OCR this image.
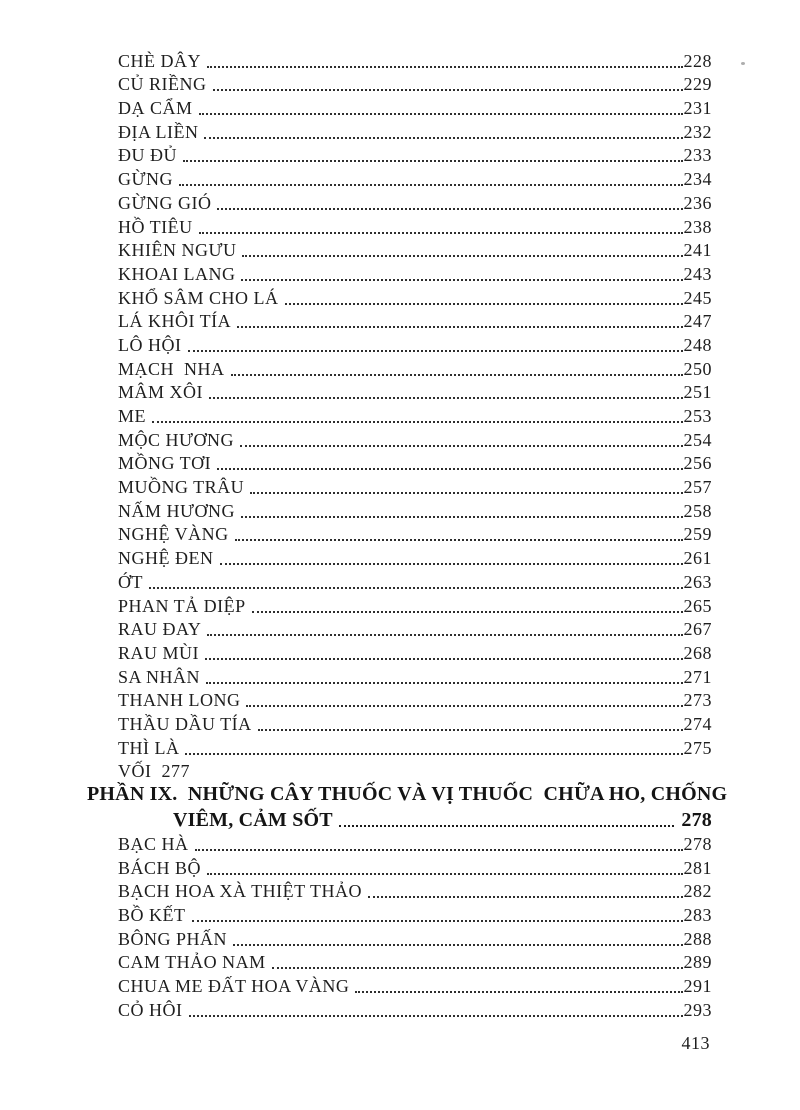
CHÈ DÂY	228
CỦ RIỀNG	229
DẠ CẨM	231
ĐỊA LIỀN	232
ĐU ĐỦ	233
GỪNG	234
GỪNG GIÓ	236
HỒ TIÊU	238
KHIÊN NGƯU	241
KHOAI LANG	243
KHỔ SÂM CHO LÁ	245
LÁ KHÔI TÍA	247
LÔ HỘI	248
MẠCH  NHA	250
MÂM XÔI	251
ME	253
MỘC HƯƠNG	254
MỒNG TƠI	256
MUỒNG TRÂU	257
NẤM HƯƠNG	258
NGHỆ VÀNG	259
NGHỆ ĐEN	261
ỚT	263
PHAN TẢ DIỆP	265
RAU ĐAY	267
RAU MÙI	268
SA NHÂN	271
THANH LONG	273
THẦU DẦU TÍA	274
THÌ LÀ	275
VỐI  277
PHẦN IX.  NHỮNG CÂY THUỐC VÀ VỊ THUỐC  CHỮA HO, CHỐNG
VIÊM, CẢM SỐT	278
BẠC HÀ	278
BÁCH BỘ	281
BẠCH HOA XÀ THIỆT THẢO	282
BỒ KẾT	283
BÔNG PHẤN	288
CAM THẢO NAM	289
CHUA ME ĐẤT HOA VÀNG	291
CỎ HÔI	293
413
